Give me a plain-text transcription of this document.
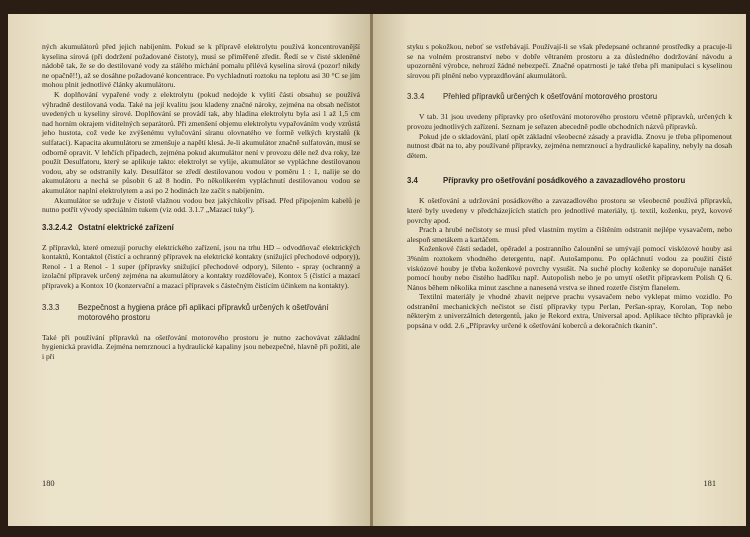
ných akumulátorů před jejich nabíjením. Pokud se k přípravě elektrolytu používá koncentrovanější kyselina sírová (při dodržení požadované čistoty), musí se přiměřeně zředit. Ředí se v čisté skleněné nádobě tak, že se do destilované vody za stálého míchání pomalu přilévá kyselina sírová (pozor! nikdy ne opačně!!), až se dosáhne požadované koncentrace. Po vychladnutí roztoku na teplotu asi 30 °C se jím mohou plnit jednotlivé články akumulátoru.

K doplňování vypařené vody z elektrolytu (pokud nedojde k vylití části obsahu) se používá výhradně destilovaná voda. Také na její kvalitu jsou kladeny značné nároky, zejména na obsah nečistot uvedených u kyseliny sírové. Doplňování se provádí tak, aby hladina elektrolytu byla asi 1 až 1,5 cm nad horním okrajem viditelných separátorů. Při zmenšení objemu elektrolytu vypařováním vody vzrůstá jeho hustota, což vede ke zvýšenému vylučování síranu olovnatého ve formě velkých krystalů (k sulfataci). Kapacita akumulátoru se zmenšuje a napětí klesá. Je-li akumulátor značně sulfatován, musí se odborně opravit. V lehčích případech, zejména pokud akumulátor není v provozu déle než dva roky, lze použít Desulfatoru, který se aplikuje takto: elektrolyt se vylije, akumulátor se vypláchne destilovanou vodou, aby se odstranily kaly. Desulfátor se zředí destilovanou vodou v poměru 1 : 1, nalije se do akumulátoru a nechá se působit 6 až 8 hodin. Po několikerém vypláchnutí destilovanou vodou se akumulátor naplní elektrolytem a asi po 2 hodinách lze začít s nabíjením.

Akumulátor se udržuje v čistotě vlažnou vodou bez jakýchkoliv přísad. Před připojením kabelů je nutno potřít vývody speciálním tukem (viz odd. 3.1.7 „Mazací tuky").

3.3.2.4.2 Ostatní elektrické zařízení

Z přípravků, které omezují poruchy elektrického zařízení, jsou na trhu HD – odvodňovač elektrických kontaktů, Kontaktol (čistící a ochranný přípravek na elektrické kontakty (snižující přechodové odpory)), Renol - 1 a Renol - 1 super (přípravky snižující přechodové odpory), Silento - spray (ochranný a izolační přípravek určený zejména na akumulátory a kontakty rozdělovače), Kontox 5 (čistící a mazací přípravek) a Kontox 10 (konzervační a mazací přípravek s částečným čistícím účinkem na kontakty).

3.3.3	Bezpečnost a hygiena práce při aplikaci přípravků určených k ošetřování motorového prostoru

Také při používání přípravků na ošetřování motorového prostoru je nutno zachovávat základní hygienická pravidla. Zejména nemrznoucí a hydraulické kapaliny jsou nebezpečné, hlavně při požití, ale i při

180

styku s pokožkou, neboť se vstřebávají. Používají-li se však předepsané ochranné prostředky a pracuje-li se na volném prostranství nebo v dobře větraném prostoru a za důsledného dodržování návodu a upozornění výrobce, nehrozí žádné nebezpečí. Značné opatrnosti je také třeba při manipulaci s kyselinou sírovou při plnění nebo vyprazdňování akumulátorů.

3.3.4	Přehled přípravků určených k ošetřování motorového prostoru

V tab. 31 jsou uvedeny přípravky pro ošetřování motorového prostoru včetně přípravků, určených k provozu jednotlivých zařízení. Seznam je seřazen abecedně podle obchodních názvů přípravků.

Pokud jde o skladování, platí opět základní všeobecné zásady a pravidla. Znovu je třeba připomenout nutnost dbát na to, aby používané přípravky, zejména nemrznoucí a hydraulické kapaliny, nebyly na dosah dětem.

3.4	Přípravky pro ošetřování posádkového a zavazadlového prostoru

K ošetřování a udržování posádkového a zavazadlového prostoru se všeobecně používá přípravků, které byly uvedeny v předcházejících statích pro jednotlivé materiály, tj. textil, koženku, pryž, kovové povrchy apod.

Prach a hrubé nečistoty se musí před vlastním mytím a čištěním odstranit nejlépe vysavačem, nebo alespoň smetákem a kartáčem.

Koženkové části sedadel, opěradel a postranního čalounění se umývají pomocí viskózové houby asi 3%ním roztokem vhodného detergentu, např. Autošamponu. Po opláchnutí vodou za použití čisté viskózové houby je třeba koženkové povrchy vysušit. Na suché plochy koženky se doporučuje nanášet pomocí houby nebo čistého hadříku např. Autopolish nebo je po umytí ošetřit přípravkem Polish Q 6. Nános během několika minut zaschne a nanesená vrstva se ihned rozetře čistým flanelem.

Textilní materiály je vhodné zbavit nejprve prachu vysavačem nebo vyklepat mimo vozidlo. Po odstranění mechanických nečistot se čistí přípravky typu Perlan, Peršan-spray, Korolan, Top nebo některým z univerzálních detergentů, jako je Rekord extra, Universal apod. Aplikace těchto přípravků je popsána v odd. 2.6 „Přípravky určené k ošetřování koberců a dekoračních tkanin".

181
